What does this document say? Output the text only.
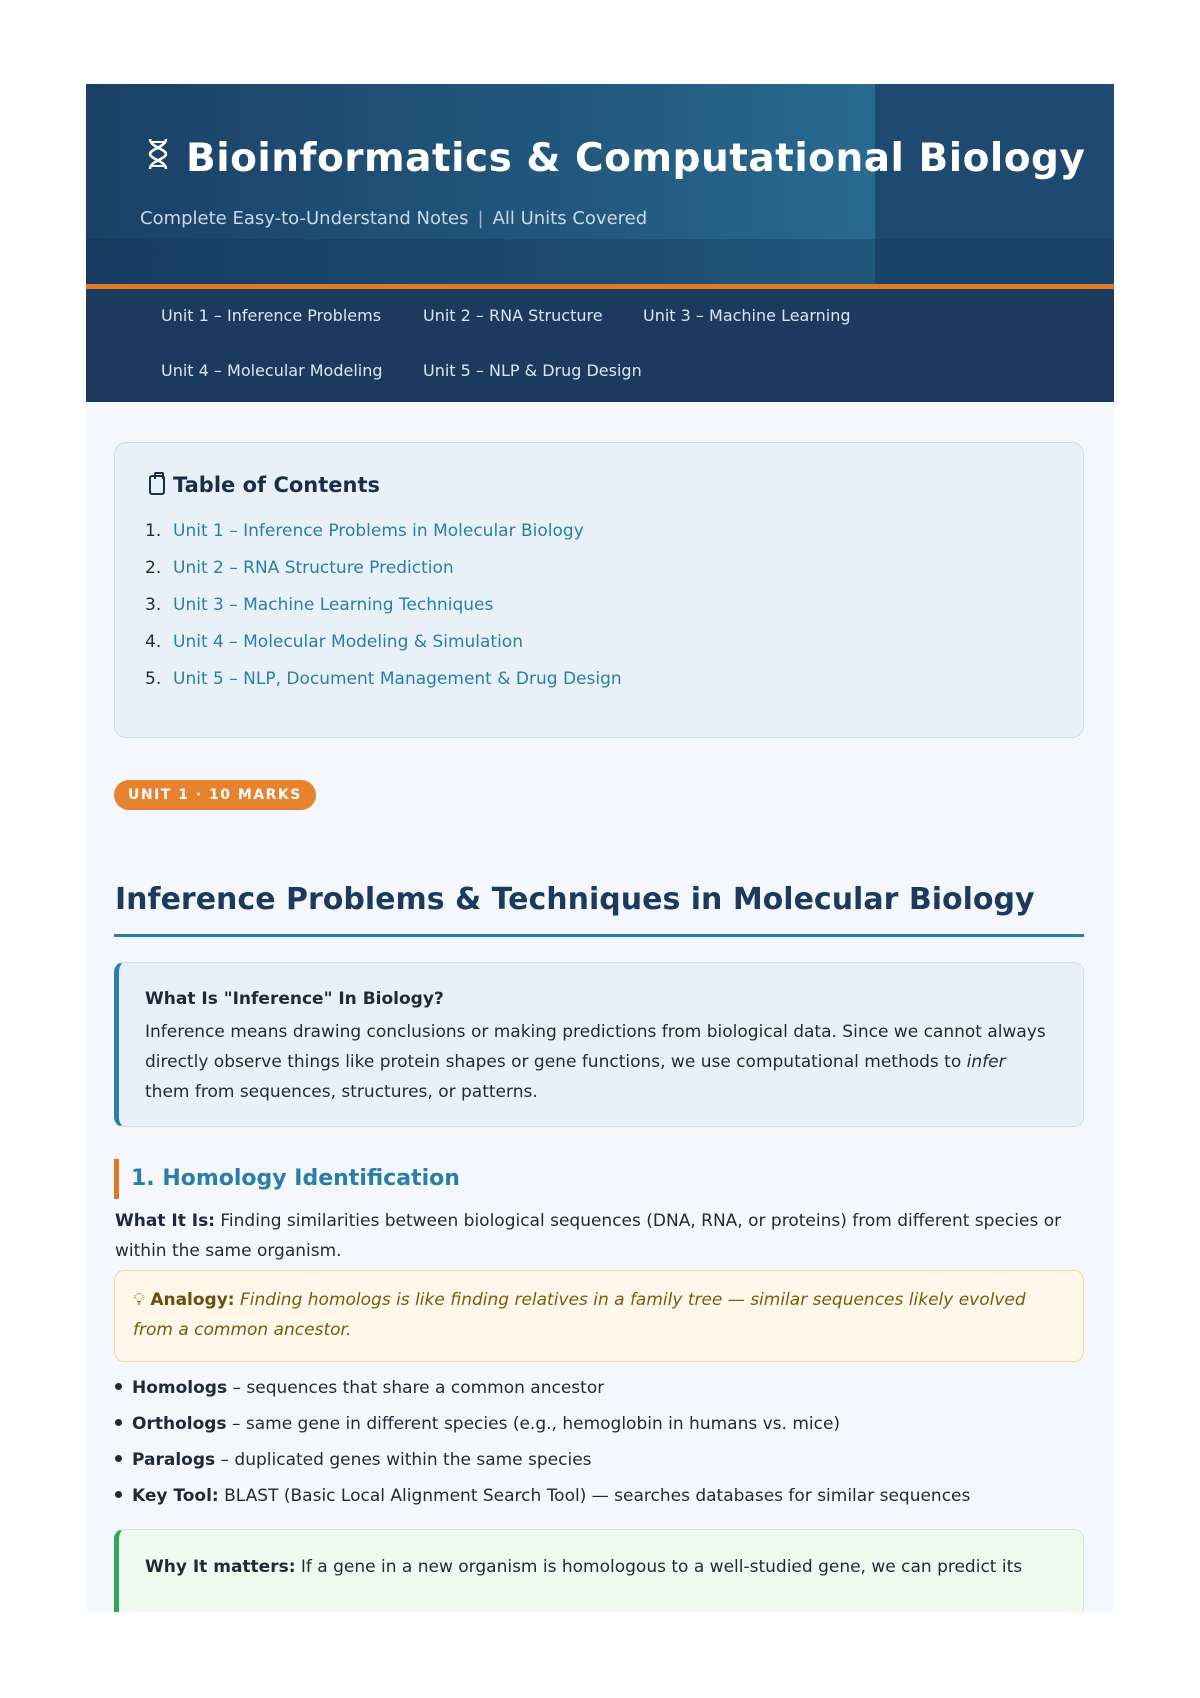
Bioinformatics & Computational Biology
Complete Easy-to-Understand Notes | All Units Covered
Unit 1 – Inference Problems	Unit 2 – RNA Structure	Unit 3 – Machine Learning
Unit 4 – Molecular Modeling	Unit 5 – NLP & Drug Design
Table of Contents
1. Unit 1 – Inference Problems in Molecular Biology
2. Unit 2 – RNA Structure Prediction
3. Unit 3 – Machine Learning Techniques
4. Unit 4 – Molecular Modeling & Simulation
5. Unit 5 – NLP, Document Management & Drug Design
UNIT 1 · 10 MARKS
Inference Problems & Techniques in Molecular Biology
What Is "Inference" In Biology?
Inference means drawing conclusions or making predictions from biological data. Since we cannot always directly observe things like protein shapes or gene functions, we use computational methods to infer them from sequences, structures, or patterns.
1. Homology Identification
What It Is: Finding similarities between biological sequences (DNA, RNA, or proteins) from different species or within the same organism.
💡︎ Analogy: Finding homologs is like finding relatives in a family tree — similar sequences likely evolved from a common ancestor.
Homologs – sequences that share a common ancestor
Orthologs – same gene in different species (e.g., hemoglobin in humans vs. mice)
Paralogs – duplicated genes within the same species
Key Tool: BLAST (Basic Local Alignment Search Tool) — searches databases for similar sequences
Why It matters: If a gene in a new organism is homologous to a well-studied gene, we can predict its
